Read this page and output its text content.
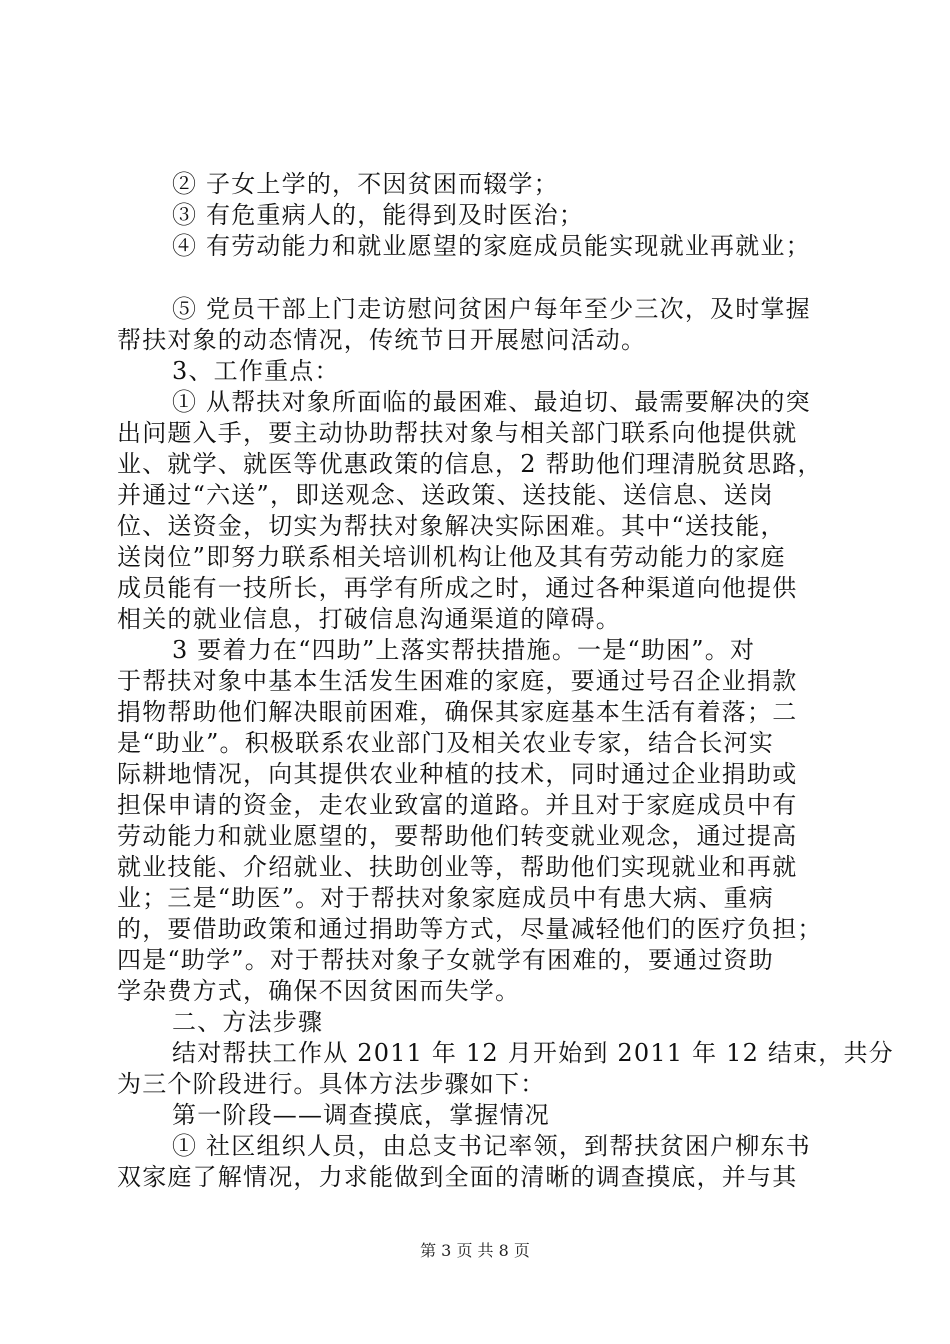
② 子女上学的，不因贫困而辍学；
③ 有危重病人的，能得到及时医治；
④ 有劳动能力和就业愿望的家庭成员能实现就业再就业；
⑤ 党员干部上门走访慰问贫困户每年至少三次，及时掌握
帮扶对象的动态情况，传统节日开展慰问活动。
3、工作重点：
① 从帮扶对象所面临的最困难、最迫切、最需要解决的突
出问题入手，要主动协助帮扶对象与相关部门联系向他提供就
业、就学、就医等优惠政策的信息，2 帮助他们理清脱贫思路，
并通过“六送”，即送观念、送政策、送技能、送信息、送岗
位、送资金，切实为帮扶对象解决实际困难。其中“送技能，
送岗位”即努力联系相关培训机构让他及其有劳动能力的家庭
成员能有一技所长，再学有所成之时，通过各种渠道向他提供
相关的就业信息，打破信息沟通渠道的障碍。
3 要着力在“四助”上落实帮扶措施。一是“助困”。对
于帮扶对象中基本生活发生困难的家庭，要通过号召企业捐款
捐物帮助他们解决眼前困难，确保其家庭基本生活有着落；二
是“助业”。积极联系农业部门及相关农业专家，结合长河实
际耕地情况，向其提供农业种植的技术，同时通过企业捐助或
担保申请的资金，走农业致富的道路。并且对于家庭成员中有
劳动能力和就业愿望的，要帮助他们转变就业观念，通过提高
就业技能、介绍就业、扶助创业等，帮助他们实现就业和再就
业；三是“助医”。对于帮扶对象家庭成员中有患大病、重病
的，要借助政策和通过捐助等方式，尽量减轻他们的医疗负担；
四是“助学”。对于帮扶对象子女就学有困难的，要通过资助
学杂费方式，确保不因贫困而失学。
二、方法步骤
结对帮扶工作从 2011 年 12 月开始到 2011 年 12 结束，共分
为三个阶段进行。具体方法步骤如下：
第一阶段——调查摸底，掌握情况
① 社区组织人员，由总支书记率领，到帮扶贫困户柳东书
双家庭了解情况，力求能做到全面的清晰的调查摸底，并与其
第 3 页 共 8 页
